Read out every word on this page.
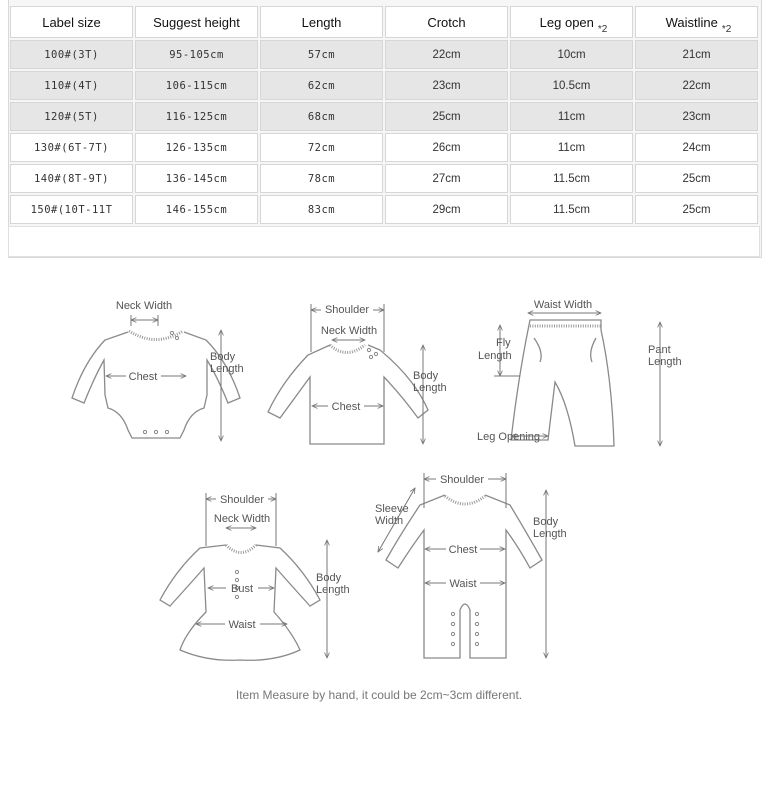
Label size	Suggest height	Length	Crotch	Leg open $_{*2}$	Waistline $_{*2}$
100#(3T)	95-105cm	57cm	22cm	10cm	21cm
110#(4T)	106-115cm	62cm	23cm	10.5cm	22cm
120#(5T)	116-125cm	68cm	25cm	11cm	23cm
130#(6T-7T)	126-135cm	72cm	26cm	11cm	24cm
140#(8T-9T)	136-145cm	78cm	27cm	11.5cm	25cm
150#(10T-11T	146-155cm	83cm	29cm	11.5cm	25cm
Neck Width
Chest
Body
Length
Shoulder
Neck Width
Chest
Body
Length
Waist Width
Fly
Length	Pant
Length
Leg Opening
Shoulder
Neck Width
Bust
Waist
Body
Length
Shoulder
Sleeve
Width
Chest
Waist
Body
Length
Item Measure by hand, it could be 2cm~3cm different.
